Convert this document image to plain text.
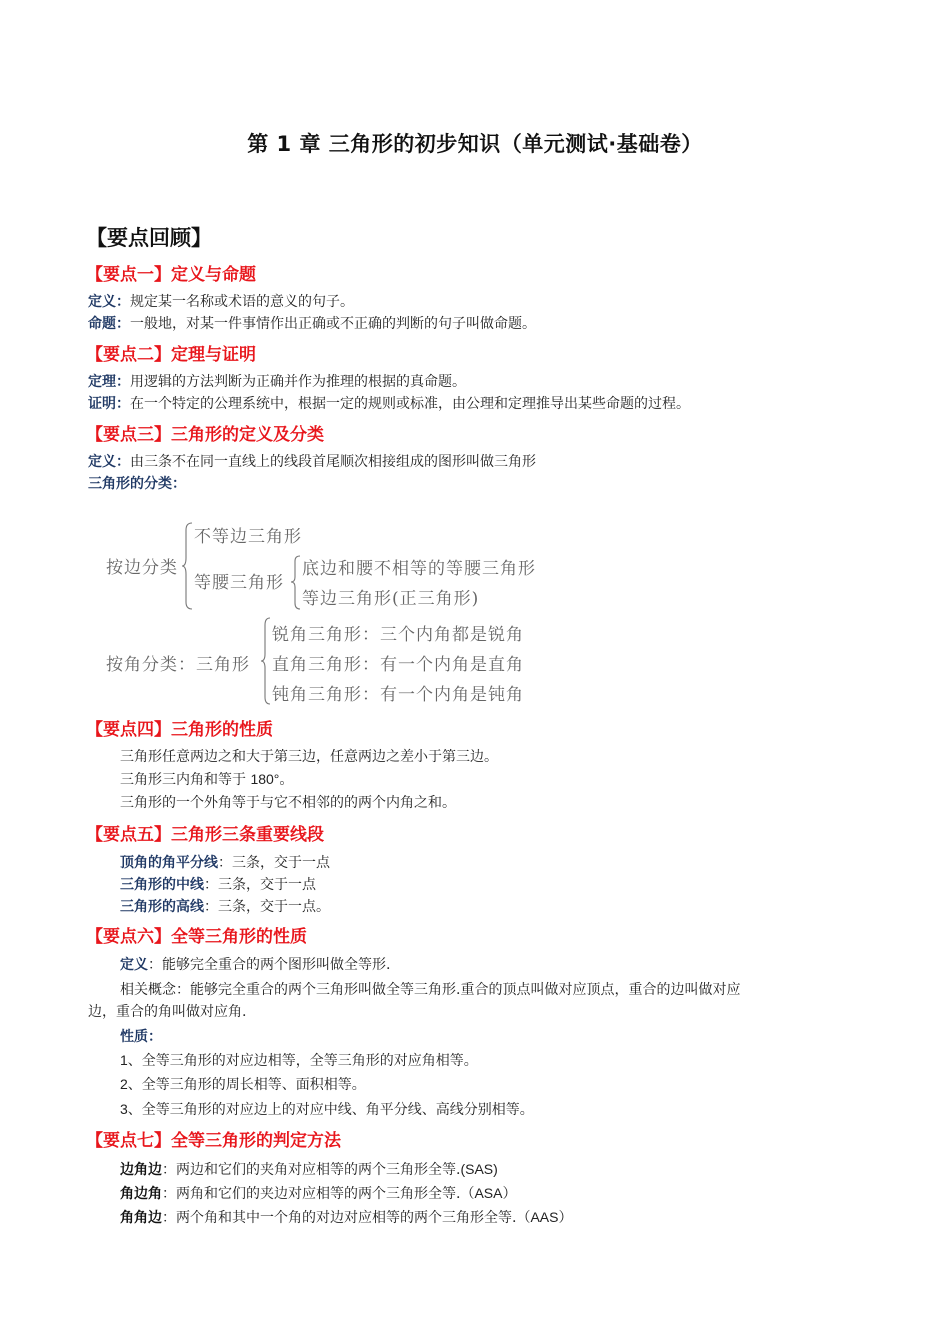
第 1 章 三角形的初步知识（单元测试·基础卷）
【要点回顾】
【要点一】定义与命题
定义：规定某一名称或术语的意义的句子。
命题：一般地，对某一件事情作出正确或不正确的判断的句子叫做命题。
【要点二】定理与证明
定理：用逻辑的方法判断为正确并作为推理的根据的真命题。
证明：在一个特定的公理系统中，根据一定的规则或标准，由公理和定理推导出某些命题的过程。
【要点三】三角形的定义及分类
定义：由三条不在同一直线上的线段首尾顺次相接组成的图形叫做三角形
三角形的分类：
按边分类
不等边三角形
等腰三角形
底边和腰不相等的等腰三角形
等边三角形(正三角形)
按角分类：三角形
锐角三角形：三个内角都是锐角
直角三角形：有一个内角是直角
钝角三角形：有一个内角是钝角
【要点四】三角形的性质
三角形任意两边之和大于第三边，任意两边之差小于第三边。
三角形三内角和等于 180°。
三角形的一个外角等于与它不相邻的的两个内角之和。
【要点五】三角形三条重要线段
顶角的角平分线：三条，交于一点
三角形的中线：三条，交于一点
三角形的高线：三条，交于一点。
【要点六】全等三角形的性质
定义：能够完全重合的两个图形叫做全等形.
相关概念：能够完全重合的两个三角形叫做全等三角形.重合的顶点叫做对应顶点，重合的边叫做对应
边，重合的角叫做对应角.
性质：
1、全等三角形的对应边相等，全等三角形的对应角相等。
2、全等三角形的周长相等、面积相等。
3、全等三角形的对应边上的对应中线、角平分线、高线分别相等。
【要点七】全等三角形的判定方法
边角边：两边和它们的夹角对应相等的两个三角形全等.(SAS)
角边角：两角和它们的夹边对应相等的两个三角形全等.（ASA）
角角边：两个角和其中一个角的对边对应相等的两个三角形全等.（AAS）
